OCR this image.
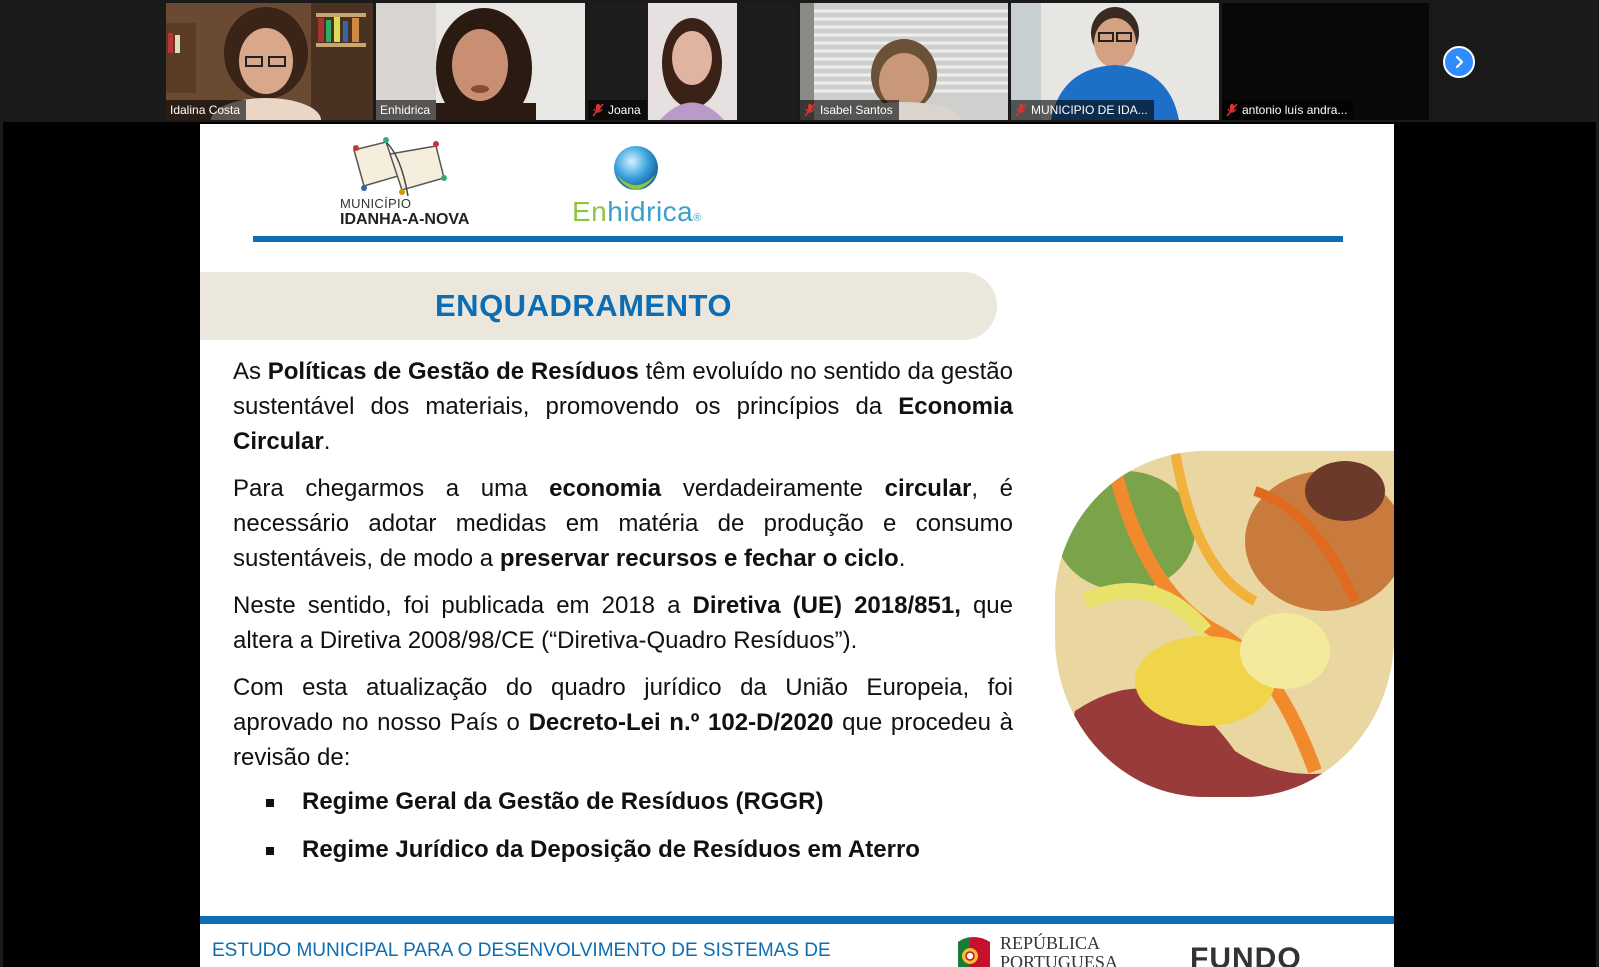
Idalina Costa	Enhidrica	Joana	Isabel Santos	MUNICIPIO DE IDA...	antonio luís andra...
MUNICÍPIO
IDANHA-A-NOVA	Enhidrica®
ENQUADRAMENTO

As Políticas de Gestão de Resíduos têm evoluído no sentido da gestão sustentável dos materiais, promovendo os princípios da Economia Circular.

Para chegarmos a uma economia verdadeiramente circular, é necessário adotar medidas em matéria de produção e consumo sustentáveis, de modo a preservar recursos e fechar o ciclo.

Neste sentido, foi publicada em 2018 a Diretiva (UE) 2018/851, que altera a Diretiva 2008/98/CE (“Diretiva-Quadro Resíduos”).

Com esta atualização do quadro jurídico da União Europeia, foi aprovado no nosso País o Decreto-Lei n.º 102-D/2020 que procedeu à revisão de:

Regime Geral da Gestão de Resíduos (RGGR)
Regime Jurídico da Deposição de Resíduos em Aterro
ESTUDO MUNICIPAL PARA O DESENVOLVIMENTO DE SISTEMAS DE	REPÚBLICA
PORTUGUESA FUNDO
